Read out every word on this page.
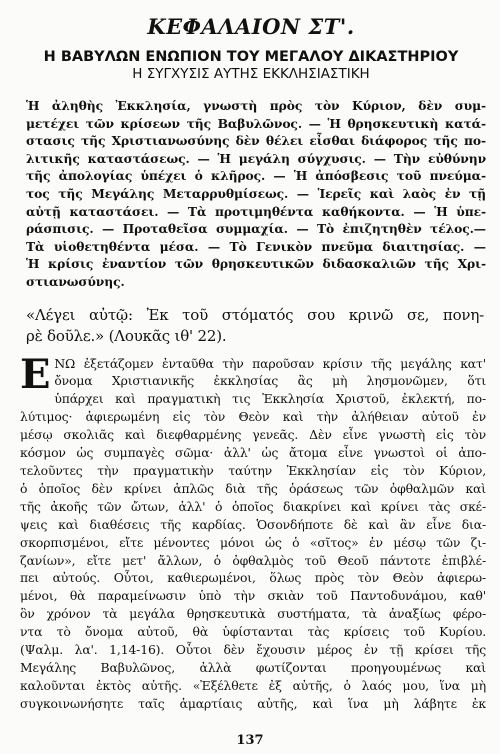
ΚΕΦΑΛΑΙΟΝ ΣΤ'.
Η ΒΑΒΥΛΩΝ ΕΝΩΠΙΟΝ ΤΟΥ ΜΕΓΑΛΟΥ ΔΙΚΑΣΤΗΡΙΟΥ
Η ΣΥΓΧΥΣΙΣ ΑΥΤΗΣ ΕΚΚΛΗΣΙΑΣΤΙΚΗ
Ἡ ἀληθὴς Ἐκκλησία, γνωστὴ πρὸς τὸν Κύριον, δὲν συμ-
μετέχει τῶν κρίσεων τῆς Βαβυλῶνος. — Ἡ θρησκευτικὴ κατά-
στασις τῆς Χριστιανωσύνης δὲν θέλει εἶσθαι διάφορος τῆς πο-
λιτικῆς καταστάσεως. — Ἡ μεγάλη σύγχυσις. — Τὴν εὐθύνην
τῆς ἀπολογίας ὑπέχει ὁ κλῆρος. — Ἡ ἀπόσβεσις τοῦ πνεύμα-
τος τῆς Μεγάλης Μεταρρυθμίσεως. — Ἱερεῖς καὶ λαὸς ἐν τῇ
αὐτῇ καταστάσει. — Τὰ προτιμηθέντα καθήκοντα. — Ἡ ὑπε-
ράσπισις. — Προταθεῖσα συμμαχία. — Τὸ ἐπιζητηθὲν τέλος.—
Τὰ υἱοθετηθέντα μέσα. — Τὸ Γενικὸν πνεῦμα διαιτησίας. —
Ἡ κρίσις ἐναντίον τῶν θρησκευτικῶν διδασκαλιῶν τῆς Χρι-
στιανωσύνης.
«Λέγει αὐτῷ: Ἐκ τοῦ στόματός σου κρινῶ σε, πονη-
ρὲ δοῦλε.» (Λουκᾶς ιθ' 22).
Ε ΝΩ ἐξετάζομεν ἐνταῦθα τὴν παροῦσαν κρίσιν τῆς μεγάλης κατ'
ὄνομα Χριστιανικῆς ἐκκλησίας ἂς μὴ λησμονῶμεν, ὅτι
ὑπάρχει καὶ πραγματικὴ τις Ἐκκλησία Χριστοῦ, ἐκλεκτή, πο-
λύτιμος· ἀφιερωμένη εἰς τὸν Θεὸν καὶ τὴν ἀλήθειαν αὐτοῦ ἐν
μέσῳ σκολιᾶς καὶ διεφθαρμένης γενεᾶς. Δὲν εἶνε γνωστὴ εἰς τὸν
κόσμον ὡς συμπαγὲς σῶμα· ἀλλ' ὡς ἄτομα εἶνε γνωστοὶ οἱ ἀπο-
τελοῦντες τὴν πραγματικὴν ταύτην Ἐκκλησίαν εἰς τὸν Κύριον,
ὁ ὁποῖος δὲν κρίνει ἁπλῶς διὰ τῆς ὁράσεως τῶν ὀφθαλμῶν καὶ
τῆς ἀκοῆς τῶν ὤτων, ἀλλ' ὁ ὁποῖος διακρίνει καὶ κρίνει τὰς σκέ-
ψεις καὶ διαθέσεις τῆς καρδίας. Ὁσονδήποτε δὲ καὶ ἂν εἶνε δια-
σκορπισμένοι, εἴτε μένοντες μόνοι ὡς ὁ «σῖτος» ἐν μέσῳ τῶν ζι-
ζανίων», εἴτε μετ' ἄλλων, ὁ ὀφθαλμὸς τοῦ Θεοῦ πάντοτε ἐπιβλέ-
πει αὐτούς. Οὗτοι, καθιερωμένοι, ὅλως πρὸς τὸν Θεὸν ἀφιερω-
μένοι, θὰ παραμείνωσιν ὑπὸ τὴν σκιὰν τοῦ Παντοδυνάμου, καθ'
ὃν χρόνον τὰ μεγάλα θρησκευτικὰ συστήματα, τὰ ἀναξίως φέρο-
ντα τὸ ὄνομα αὐτοῦ, θὰ ὑφίστανται τὰς κρίσεις τοῦ Κυρίου.
(Ψαλμ. λα'. 1,14-16). Οὗτοι δὲν ἔχουσιν μέρος ἐν τῇ κρίσει τῆς
Μεγάλης Βαβυλῶνος, ἀλλὰ φωτίζονται προηγουμένως καὶ
καλοῦνται ἐκτὸς αὐτῆς. «Ἐξέλθετε ἐξ αὐτῆς, ὁ λαός μου, ἵνα μὴ
συγκοινωνήσητε ταῖς ἁμαρτίαις αὐτῆς, καὶ ἵνα μὴ λάβητε ἐκ
137
